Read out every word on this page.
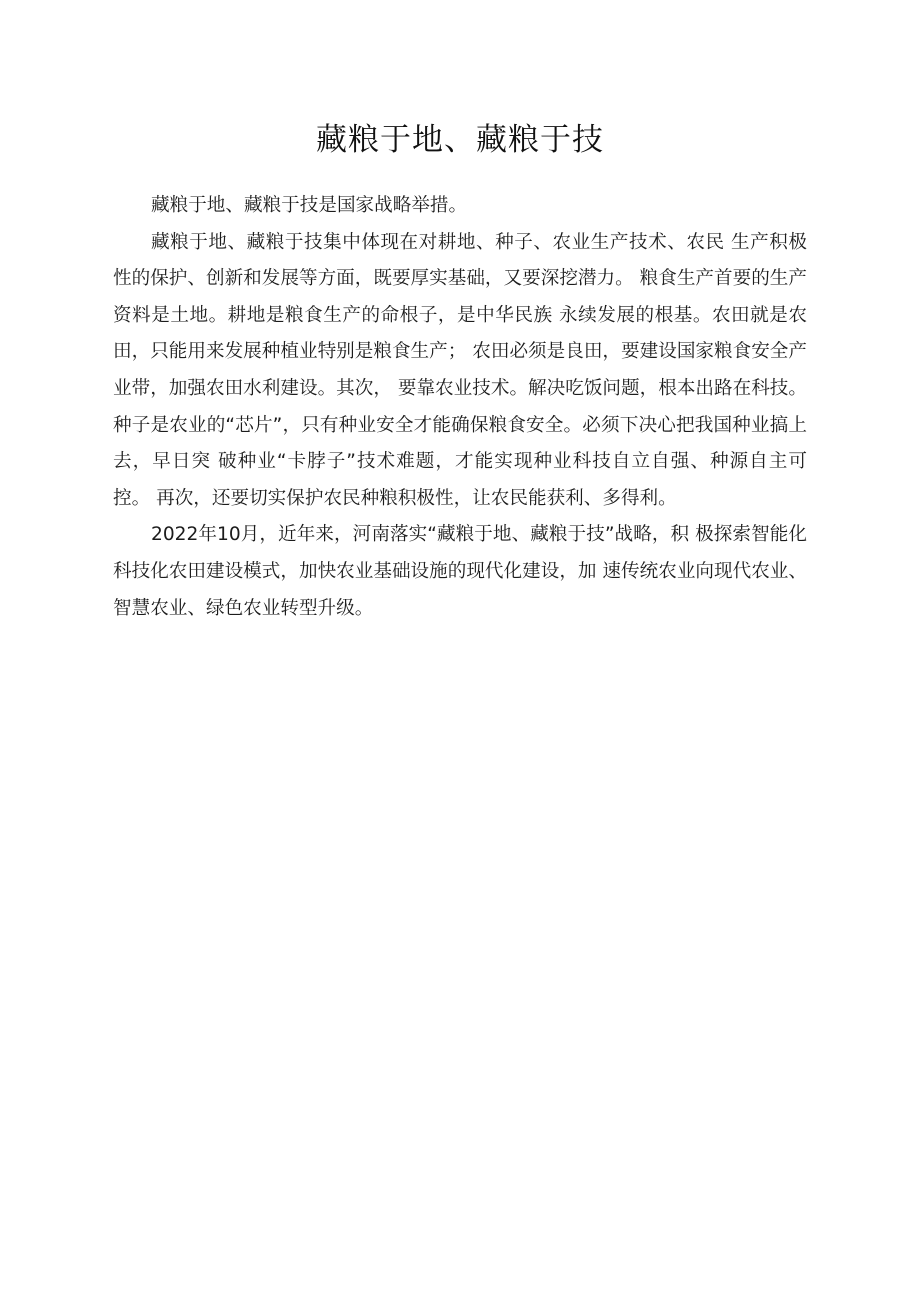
藏粮于地、藏粮于技

藏粮于地、藏粮于技是国家战略举措。

藏粮于地、藏粮于技集中体现在对耕地、种子、农业生产技术、农民 生产积极性的保护、创新和发展等方面，既要厚实基础，又要深挖潜力。 粮食生产首要的生产资料是土地。耕地是粮食生产的命根子，是中华民族 永续发展的根基。农田就是农田，只能用来发展种植业特别是粮食生产； 农田必须是良田，要建设国家粮食安全产业带，加强农田水利建设。其次， 要靠农业技术。解决吃饭问题，根本出路在科技。种子是农业的“芯片”，只有种业安全才能确保粮食安全。必须下决心把我国种业搞上去，早日突 破种业“卡脖子”技术难题，才能实现种业科技自立自强、种源自主可控。 再次，还要切实保护农民种粮积极性，让农民能获利、多得利。

2022年10月，近年来，河南落实“藏粮于地、藏粮于技”战略，积 极探索智能化科技化农田建设模式，加快农业基础设施的现代化建设，加 速传统农业向现代农业、智慧农业、绿色农业转型升级。
